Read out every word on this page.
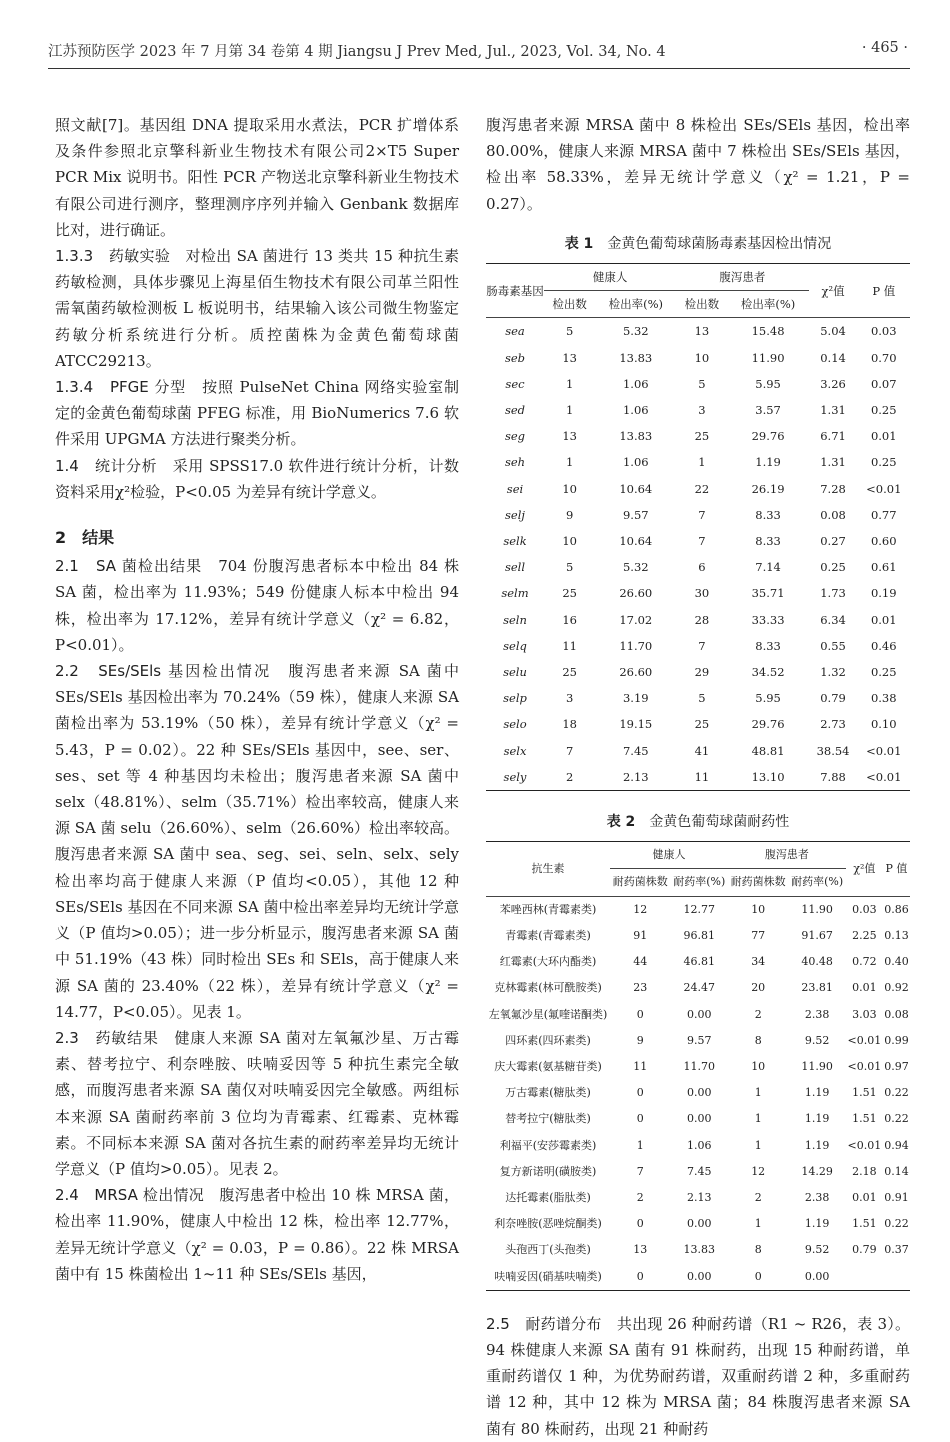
江苏预防医学 2023 年 7 月第 34 卷第 4 期 Jiangsu J Prev Med, Jul., 2023, Vol. 34, No. 4	· 465 ·

照文献[7]。基因组 DNA 提取采用水煮法，PCR 扩增体系及条件参照北京擎科新业生物技术有限公司2×T5 Super PCR Mix 说明书。阳性 PCR 产物送北京擎科新业生物技术有限公司进行测序，整理测序序列并输入 Genbank 数据库比对，进行确证。

1.3.3　药敏实验　对检出 SA 菌进行 13 类共 15 种抗生素药敏检测，具体步骤见上海星佰生物技术有限公司革兰阳性需氧菌药敏检测板 L 板说明书，结果输入该公司微生物鉴定药敏分析系统进行分析。质控菌株为金黄色葡萄球菌 ATCC29213。

1.3.4　PFGE 分型　按照 PulseNet China 网络实验室制定的金黄色葡萄球菌 PFEG 标准，用 BioNumerics 7.6 软件采用 UPGMA 方法进行聚类分析。

1.4　统计分析　采用 SPSS17.0 软件进行统计分析，计数资料采用χ²检验，P<0.05 为差异有统计学意义。

2　结果

2.1　SA 菌检出结果　704 份腹泻患者标本中检出 84 株 SA 菌，检出率为 11.93%；549 份健康人标本中检出 94 株，检出率为 17.12%，差异有统计学意义（χ² = 6.82，P<0.01）。

2.2　SEs/SEls 基因检出情况　腹泻患者来源 SA 菌中 SEs/SEls 基因检出率为 70.24%（59 株），健康人来源 SA 菌检出率为 53.19%（50 株），差异有统计学意义（χ² = 5.43，P = 0.02）。22 种 SEs/SEls 基因中，see、ser、ses、set 等 4 种基因均未检出；腹泻患者来源 SA 菌中 selx（48.81%）、selm（35.71%）检出率较高，健康人来源 SA 菌 selu（26.60%）、selm（26.60%）检出率较高。腹泻患者来源 SA 菌中 sea、seg、sei、seln、selx、sely 检出率均高于健康人来源（P 值均<0.05），其他 12 种 SEs/SEls 基因在不同来源 SA 菌中检出率差异均无统计学意义（P 值均>0.05）；进一步分析显示，腹泻患者来源 SA 菌中 51.19%（43 株）同时检出 SEs 和 SEls，高于健康人来源 SA 菌的 23.40%（22 株），差异有统计学意义（χ² = 14.77，P<0.05）。见表 1。

2.3　药敏结果　健康人来源 SA 菌对左氧氟沙星、万古霉素、替考拉宁、利奈唑胺、呋喃妥因等 5 种抗生素完全敏感，而腹泻患者来源 SA 菌仅对呋喃妥因完全敏感。两组标本来源 SA 菌耐药率前 3 位均为青霉素、红霉素、克林霉素。不同标本来源 SA 菌对各抗生素的耐药率差异均无统计学意义（P 值均>0.05）。见表 2。

2.4　MRSA 检出情况　腹泻患者中检出 10 株 MRSA 菌，检出率 11.90%，健康人中检出 12 株，检出率 12.77%，差异无统计学意义（χ² = 0.03，P = 0.86）。22 株 MRSA 菌中有 15 株菌检出 1~11 种 SEs/SEls 基因，

腹泻患者来源 MRSA 菌中 8 株检出 SEs/SEls 基因，检出率 80.00%，健康人来源 MRSA 菌中 7 株检出 SEs/SEls 基因，检出率 58.33%，差异无统计学意义（χ² = 1.21，P = 0.27）。

表 1 金黄色葡萄球菌肠毒素基因检出情况
肠毒素基因	健康人		腹泻患者		χ²值	P 值
	检出数	检出率(%)	检出数	检出率(%)		
sea	5	5.32	13	15.48	5.04	0.03
seb	13	13.83	10	11.90	0.14	0.70
sec	1	1.06	5	5.95	3.26	0.07
sed	1	1.06	3	3.57	1.31	0.25
seg	13	13.83	25	29.76	6.71	0.01
seh	1	1.06	1	1.19	1.31	0.25
sei	10	10.64	22	26.19	7.28	<0.01
selj	9	9.57	7	8.33	0.08	0.77
selk	10	10.64	7	8.33	0.27	0.60
sell	5	5.32	6	7.14	0.25	0.61
selm	25	26.60	30	35.71	1.73	0.19
seln	16	17.02	28	33.33	6.34	0.01
selq	11	11.70	7	8.33	0.55	0.46
selu	25	26.60	29	34.52	1.32	0.25
selp	3	3.19	5	5.95	0.79	0.38
selo	18	19.15	25	29.76	2.73	0.10
selx	7	7.45	41	48.81	38.54	<0.01
sely	2	2.13	11	13.10	7.88	<0.01
表 2 金黄色葡萄球菌耐药性
抗生素	健康人		腹泻患者		χ²值	P 值
	耐药菌株数	耐药率(%)	耐药菌株数	耐药率(%)		
苯唑西林(青霉素类)	12	12.77	10	11.90	0.03	0.86
青霉素(青霉素类)	91	96.81	77	91.67	2.25	0.13
红霉素(大环内酯类)	44	46.81	34	40.48	0.72	0.40
克林霉素(林可酰胺类)	23	24.47	20	23.81	0.01	0.92
左氧氟沙星(氟喹诺酮类)	0	0.00	2	2.38	3.03	0.08
四环素(四环素类)	9	9.57	8	9.52	<0.01	0.99
庆大霉素(氨基糖苷类)	11	11.70	10	11.90	<0.01	0.97
万古霉素(糖肽类)	0	0.00	1	1.19	1.51	0.22
替考拉宁(糖肽类)	0	0.00	1	1.19	1.51	0.22
利福平(安莎霉素类)	1	1.06	1	1.19	<0.01	0.94
复方新诺明(磺胺类)	7	7.45	12	14.29	2.18	0.14
达托霉素(脂肽类)	2	2.13	2	2.38	0.01	0.91
利奈唑胺(恶唑烷酮类)	0	0.00	1	1.19	1.51	0.22
头孢西丁(头孢类)	13	13.83	8	9.52	0.79	0.37
呋喃妥因(硝基呋喃类)	0	0.00	0	0.00		

2.5　耐药谱分布　共出现 26 种耐药谱（R1 ~ R26，表 3）。94 株健康人来源 SA 菌有 91 株耐药，出现 15 种耐药谱，单重耐药谱仅 1 种，为优势耐药谱，双重耐药谱 2 种，多重耐药谱 12 种，其中 12 株为 MRSA 菌；84 株腹泻患者来源 SA 菌有 80 株耐药，出现 21 种耐药
